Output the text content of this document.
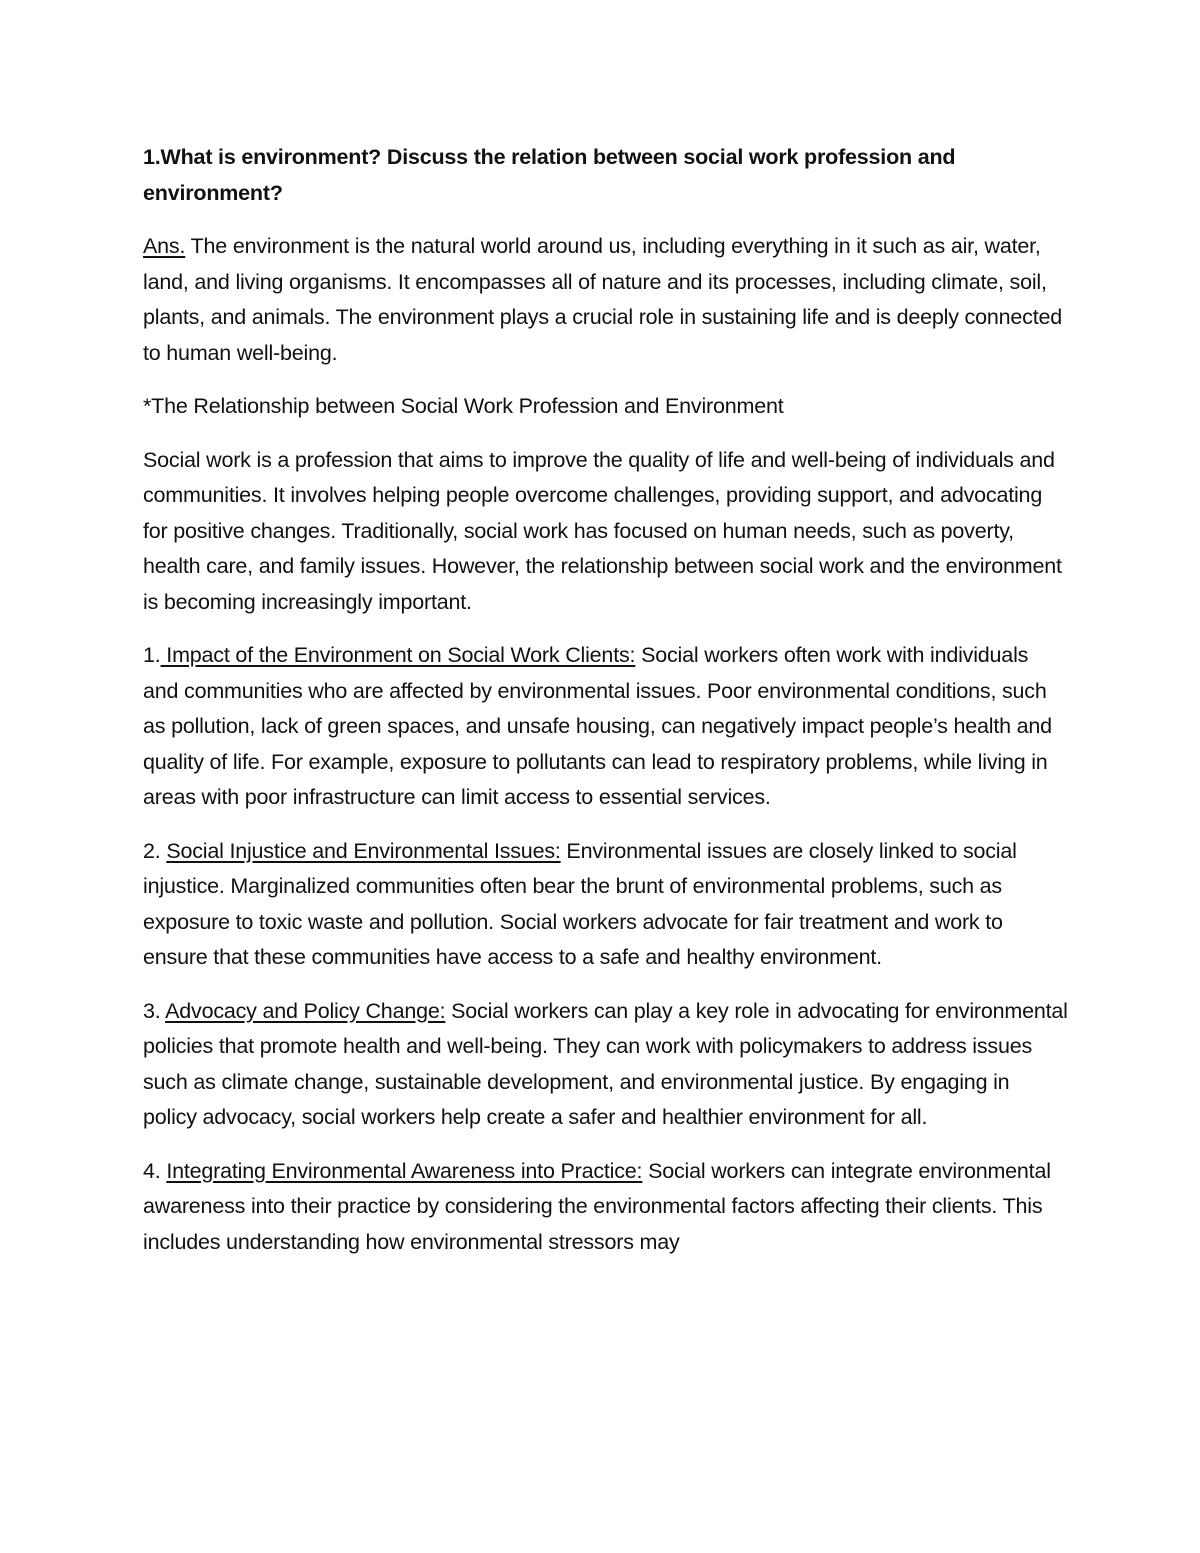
1.What is environment? Discuss the relation between social work profession and environment?

Ans. The environment is the natural world around us, including everything in it such as air, water, land, and living organisms. It encompasses all of nature and its processes, including climate, soil, plants, and animals. The environment plays a crucial role in sustaining life and is deeply connected to human well-being.

*The Relationship between Social Work Profession and Environment

Social work is a profession that aims to improve the quality of life and well-being of individuals and communities. It involves helping people overcome challenges, providing support, and advocating for positive changes. Traditionally, social work has focused on human needs, such as poverty, health care, and family issues. However, the relationship between social work and the environment is becoming increasingly important.

1. Impact of the Environment on Social Work Clients: Social workers often work with individuals and communities who are affected by environmental issues. Poor environmental conditions, such as pollution, lack of green spaces, and unsafe housing, can negatively impact people’s health and quality of life. For example, exposure to pollutants can lead to respiratory problems, while living in areas with poor infrastructure can limit access to essential services.

2. Social Injustice and Environmental Issues: Environmental issues are closely linked to social injustice. Marginalized communities often bear the brunt of environmental problems, such as exposure to toxic waste and pollution. Social workers advocate for fair treatment and work to ensure that these communities have access to a safe and healthy environment.

3. Advocacy and Policy Change: Social workers can play a key role in advocating for environmental policies that promote health and well-being. They can work with policymakers to address issues such as climate change, sustainable development, and environmental justice. By engaging in policy advocacy, social workers help create a safer and healthier environment for all.

4. Integrating Environmental Awareness into Practice: Social workers can integrate environmental awareness into their practice by considering the environmental factors affecting their clients. This includes understanding how environmental stressors may
